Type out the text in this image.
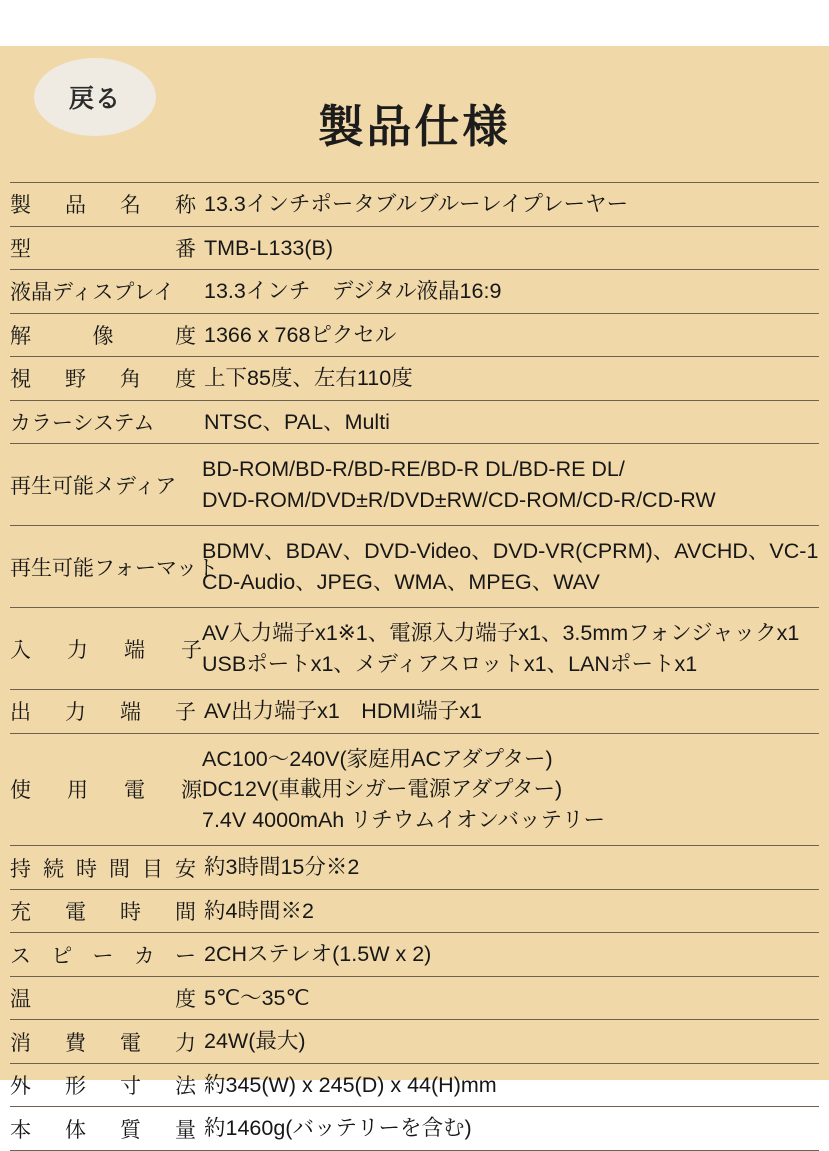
戻る
製品仕様
製 品 名 称	13.3インチポータブルブルーレイプレーヤー

型 番	TMB-L133(B)

液晶ディスプレイ	13.3インチ　デジタル液晶16:9

解 像 度	1366 x 768ピクセル

視 野 角 度	上下85度、左右110度

カラーシステム	NTSC、PAL、Multi

再生可能メディア	BD-ROM/BD-R/BD-RE/BD-R DL/BD-RE DL/
DVD-ROM/DVD±R/DVD±RW/CD-ROM/CD-R/CD-RW

再生可能フォーマット	BDMV、BDAV、DVD-Video、DVD-VR(CPRM)、AVCHD、VC-1
CD-Audio、JPEG、WMA、MPEG、WAV

入 力 端 子	AV入力端子x1※1、電源入力端子x1、3.5mmフォンジャックx1
USBポートx1、メディアスロットx1、LANポートx1

出 力 端 子	AV出力端子x1　HDMI端子x1

使 用 電 源	AC100〜240V(家庭用ACアダプター)
DC12V(車載用シガー電源アダプター)
7.4V 4000mAh リチウムイオンバッテリー

持 続 時 間 目 安	約3時間15分※2

充 電 時 間	約4時間※2

ス ピ ー カ ー	2CHステレオ(1.5W x 2)

温 度	5℃〜35℃

消 費 電 力	24W(最大)

外 形 寸 法	約345(W) x 245(D) x 44(H)mm

本 体 質 量	約1460g(バッテリーを含む)
